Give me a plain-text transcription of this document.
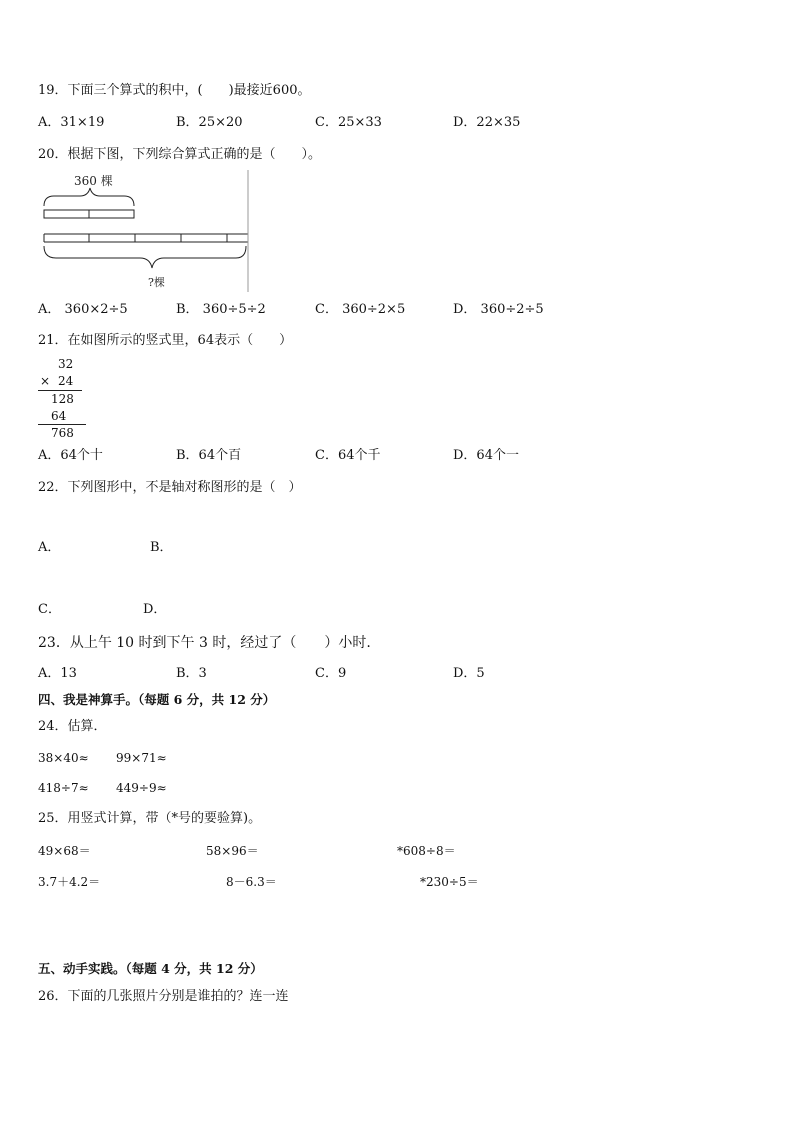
19．下面三个算式的积中，(　　)最接近600。
A．31×19	B．25×20	C．25×33	D．22×35
20．根据下图，下列综合算式正确的是（　　）。
360 棵
?棵
A． 360×2÷5	B． 360÷5÷2	C． 360÷2×5	D． 360÷2÷5
21．在如图所示的竖式里，64表示（　　）
32
× 24
128
64
768
A．64个十	B．64个百	C．64个千	D．64个一
22．下列图形中，不是轴对称图形的是（　）
A．	B．
C．	D．
23．从上午 10 时到下午 3 时，经过了（　　）小时.
A．13	B．3	C．9	D．5
四、我是神算手。（每题 6 分，共 12 分）
24．估算．
38×40≈ 99×71≈
418÷7≈ 449÷9≈
25．用竖式计算，带（*号的要验算)。
49×68＝	58×96＝	*608÷8＝
3.7＋4.2＝	8－6.3＝	*230÷5＝
五、动手实践。（每题 4 分，共 12 分）
26．下面的几张照片分别是谁拍的？连一连
